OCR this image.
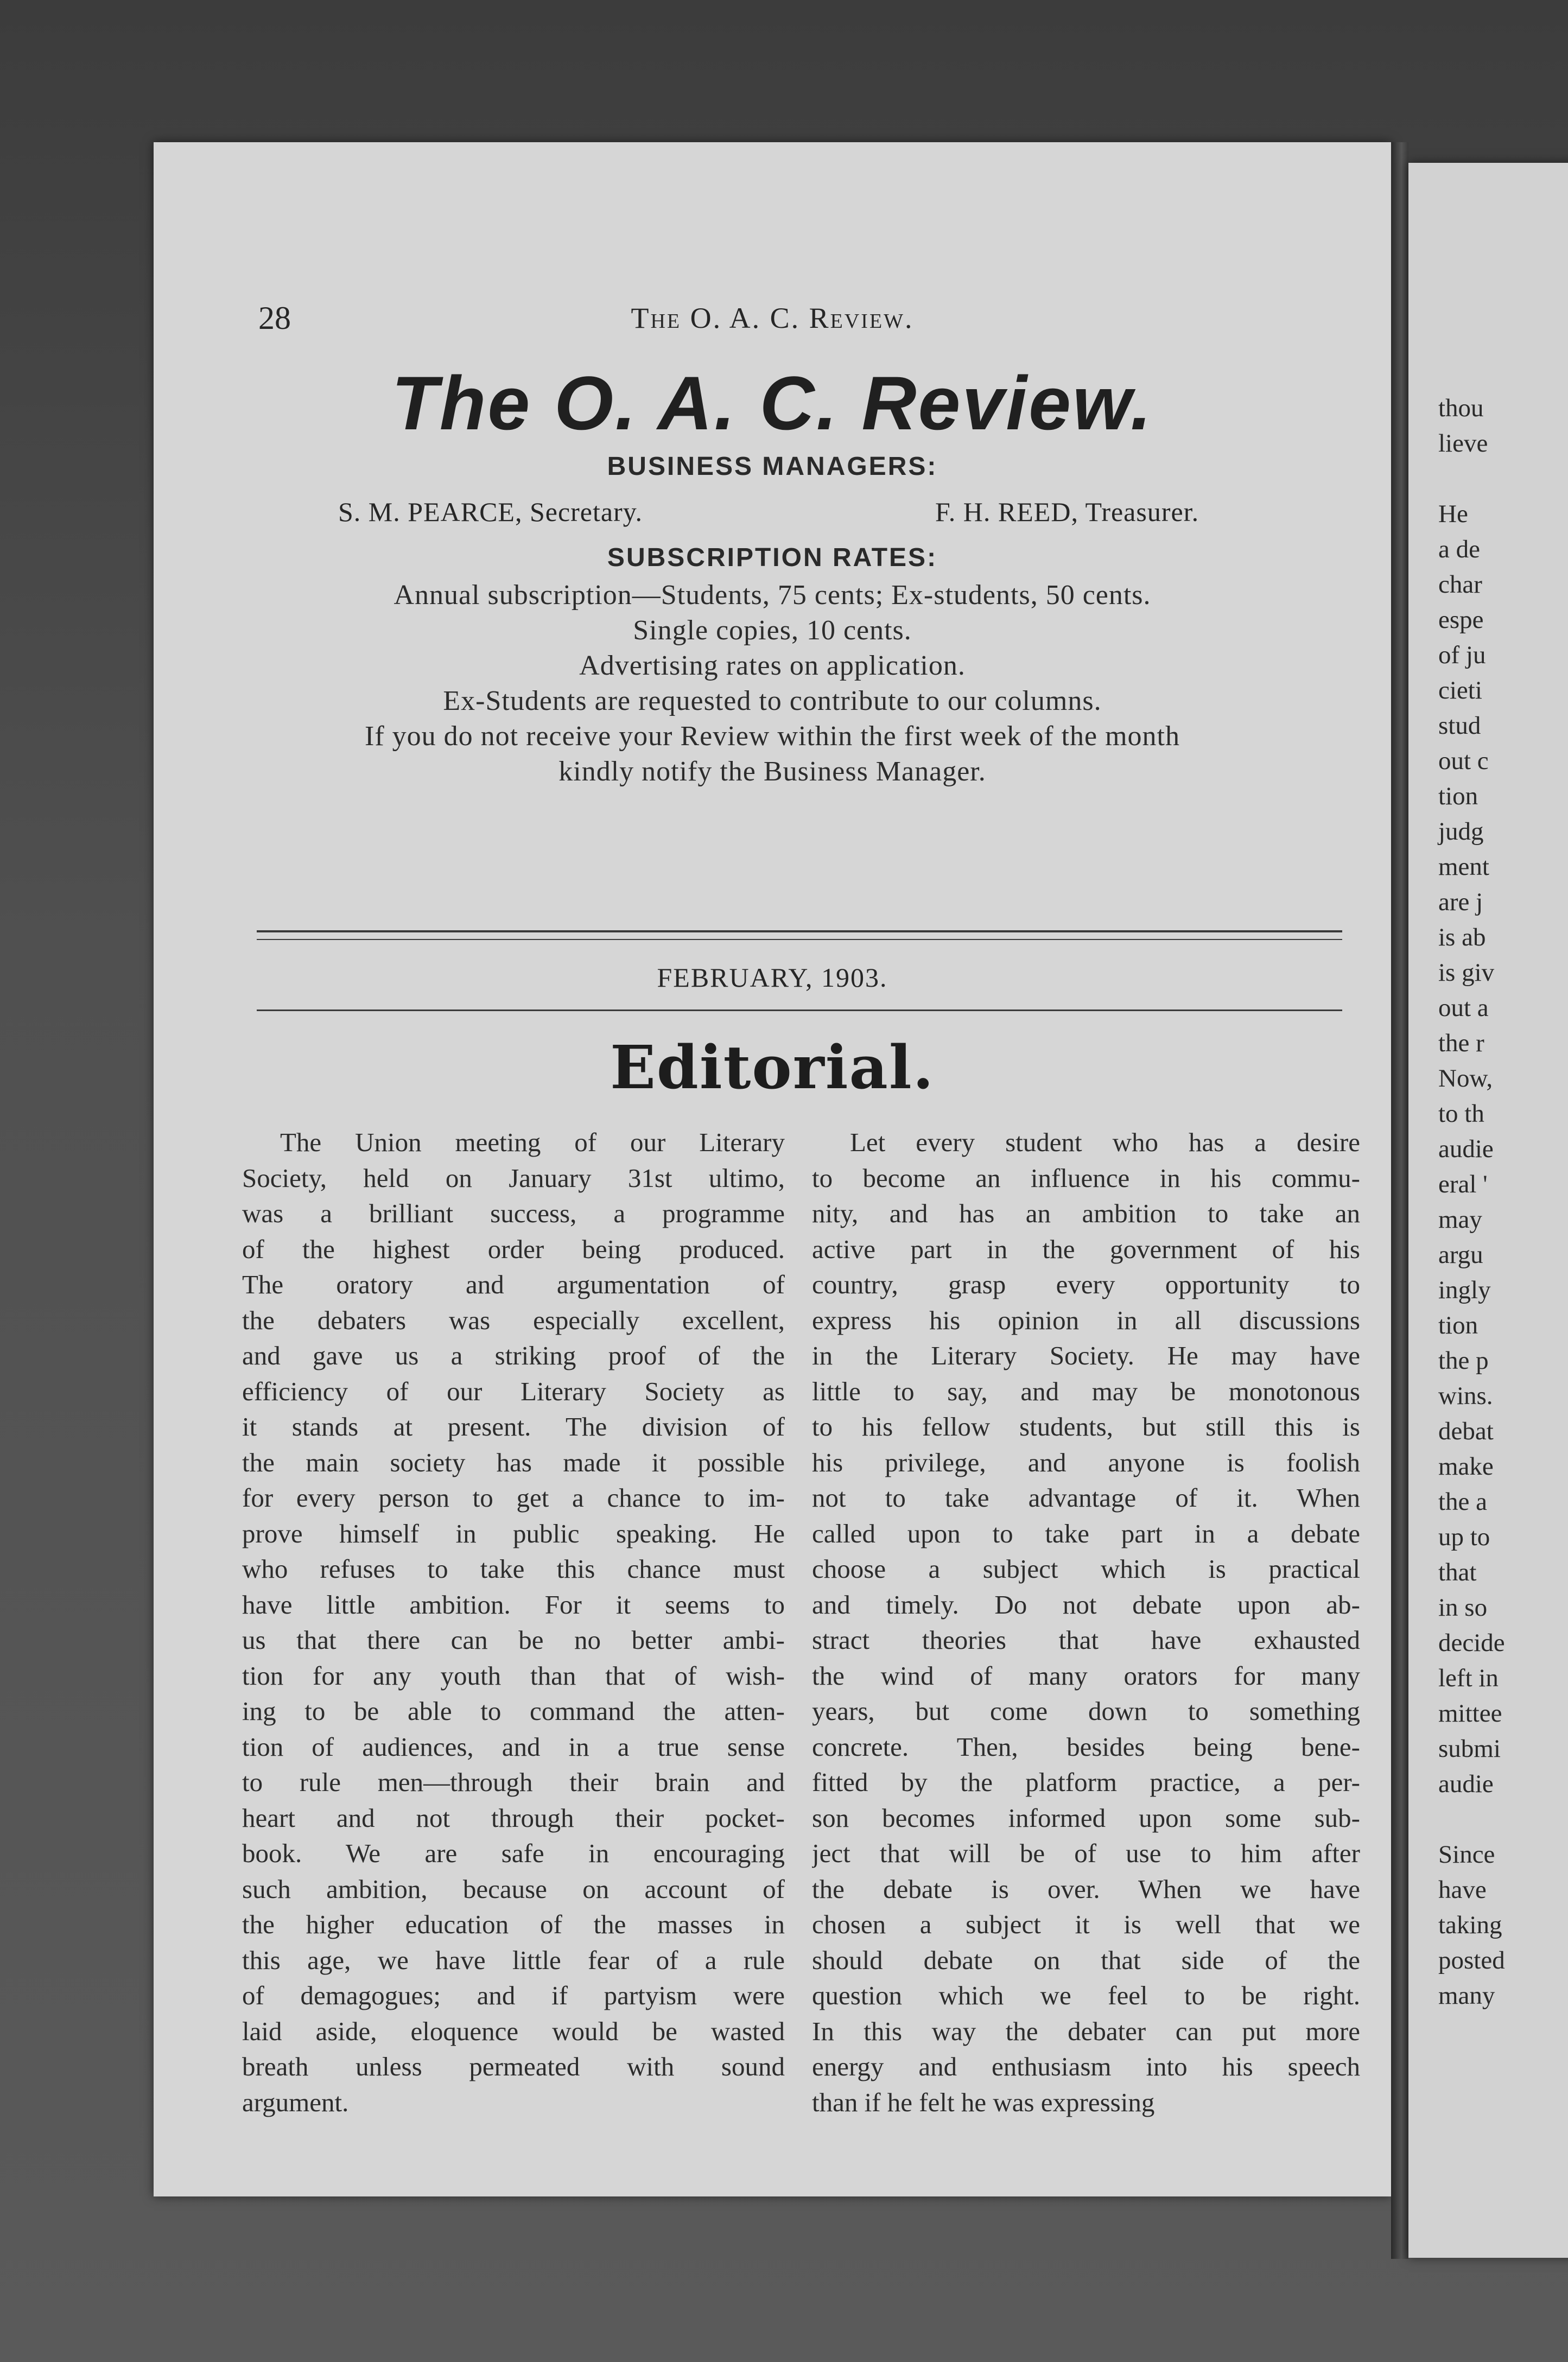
28	The O. A. C. Review.
The O. A. C. Review.
BUSINESS MANAGERS:
S. M. PEARCE, Secretary.	F. H. REED, Treasurer.
SUBSCRIPTION RATES:
Annual subscription—Students, 75 cents; Ex-students, 50 cents.
Single copies, 10 cents.
Advertising rates on application.
Ex-Students are requested to contribute to our columns.
If you do not receive your Review within the first week of the month
kindly notify the Business Manager.
FEBRUARY, 1903.
Editorial.
The Union meeting of our Literary
Society, held on January 31st ultimo,
was a brilliant success, a programme
of the highest order being produced.
The oratory and argumentation of
the debaters was especially excellent,
and gave us a striking proof of the
efficiency of our Literary Society as
it stands at present. The division of
the main society has made it possible
for every person to get a chance to im-
prove himself in public speaking. He
who refuses to take this chance must
have little ambition. For it seems to
us that there can be no better ambi-
tion for any youth than that of wish-
ing to be able to command the atten-
tion of audiences, and in a true sense
to rule men—through their brain and
heart and not through their pocket-
book. We are safe in encouraging
such ambition, because on account of
the higher education of the masses in
this age, we have little fear of a rule
of demagogues; and if partyism were
laid aside, eloquence would be wasted
breath unless permeated with sound
argument.
Let every student who has a desire
to become an influence in his commu-
nity, and has an ambition to take an
active part in the government of his
country, grasp every opportunity to
express his opinion in all discussions
in the Literary Society. He may have
little to say, and may be monotonous
to his fellow students, but still this is
his privilege, and anyone is foolish
not to take advantage of it. When
called upon to take part in a debate
choose a subject which is practical
and timely. Do not debate upon ab-
stract theories that have exhausted
the wind of many orators for many
years, but come down to something
concrete. Then, besides being bene-
fitted by the platform practice, a per-
son becomes informed upon some sub-
ject that will be of use to him after
the debate is over. When we have
chosen a subject it is well that we
should debate on that side of the
question which we feel to be right.
In this way the debater can put more
energy and enthusiasm into his speech
than if he felt he was expressing
thou
lieve
He
a de
char
espe
of ju
cieti
stud
out c
tion
judg
ment
are j
is ab
is giv
out a
the r
Now,
to th
audie
eral '
may
argu
ingly
tion
the p
wins.
debat
make
the a
up to
that
in so
decide
left in
mittee
submi
audie
Since
have
taking
posted
many
